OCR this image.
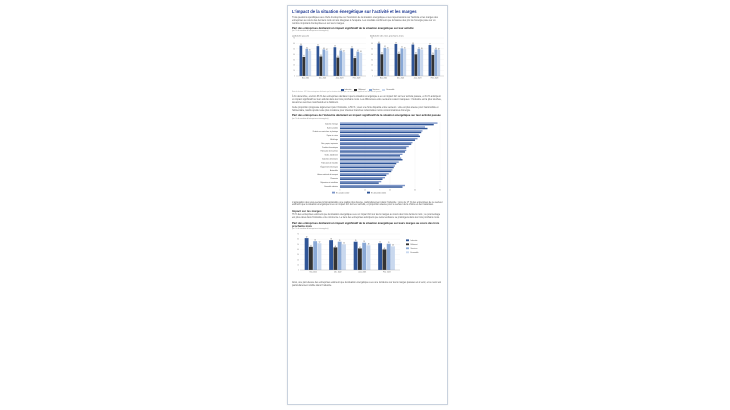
L'impact de la situation énergétique sur l'activité et les marges

Trois questions spécifiques aux chefs d'entreprise sur l'évolution de la situation énergétique et ses répercussions sur l'activité et les marges des entreprises au cours des derniers mois ont été intégrées à l'enquête. Les résultats confirment que la hausse des prix de l'énergie pèse sur un nombre important d'entreprises et sur leurs marges.

Part des entreprises déclarant un impact significatif de la situation énergétique sur leur activité
(en % du nombre d'entreprises interrogées)
a) Activité passée
0
10
20
30
40
50
60
70
56
35
50
46
Nov. 2022
55
36
49
47
Déc. 2022
53
34
47
44
Janv. 2023
51
33
45
43
Févr. 2023
b) Activité des trois prochains mois
0
10
20
30
40
50
60
70
60
40
52
50
Nov. 2022
59
41
51
50
Déc. 2022
58
40
50
49
Janv. 2023
57
39
49
48
Févr. 2023
Industrie	Bâtiment	Services	Ensemble
Note de lecture : 43 % des entreprises déclarent que la situation énergétique a eu un impact significatif sur leur activité passée.

À fin décembre, environ 36 % des entreprises déclarent que la situation énergétique a eu un impact fort sur leur activité passée, et 31 % anticipent un impact significatif sur leur activité dans les trois prochains mois. Les différences entre secteurs restent marquées : l'industrie est la plus touchée, devant les services marchands et le bâtiment.

Cette proportion progresse légèrement pour l'industrie, à 56 % ; avec une forte disparité entre secteurs : elle est plus élevée pour l'automobile et l'alimentaire, tandis qu'elle reste plus modérée pour d'autres branches industrielles moins consommatrices d'énergie.

Part des entreprises de l'industrie déclarant un impact significatif de la situation énergétique sur leur activité passée
(en % du nombre d'entreprises interrogées)
0	20	40	60	80
Industrie chimique
Autres produits
Produits en caoutchouc et plastique
Papier et carton
Métallurgie
Bois, papier, imprimerie
Produits informatiques
Fabrication de machines
Textile, habillement
Industries alimentaires
Fabrication de meubles
Équipements électriques
Automobile
Autres matériels de transport
Pharmacie
Réparation et installation
Ensemble industrie
En octobre 2022	En décembre 2022

L'agrégation des sous-secteurs fait apparaître une réalité plus diverse, particulièrement dans l'industrie : près de 17 % des entreprises de ce secteur estiment que la situation énergétique a eu un impact fort sur leur activité, et proportion élevée pour le secteur de la chimie et des matériaux.

Impact sur les marges

76 % des entreprises estiment que la situation énergétique a eu un impact fort sur leurs marges au cours des trois derniers mois ; ce pourcentage est plus élevé dans l'industrie et le commerce. Le tiers des entreprises anticipent que cette tendance se prolongera dans les trois prochains mois.

Part des entreprises déclarant un impact significatif de la situation énergétique sur leurs marges au cours des trois prochains mois
(en % du nombre d'entreprises interrogées)
0
10
20
30
40
50
60
70
62
45
56
52
Nov. 2022
58
44
55
50
Déc. 2022
55
42
53
48
Janv. 2023
52
40
51
46
Févr. 2023
Industrie
Bâtiment
Services
Ensemble

Ainsi, une part élevée des entreprises estiment que la situation énergétique a eu une incidence sur leurs marges passées et à venir, et ce recul est particulièrement visible dans l'industrie.
